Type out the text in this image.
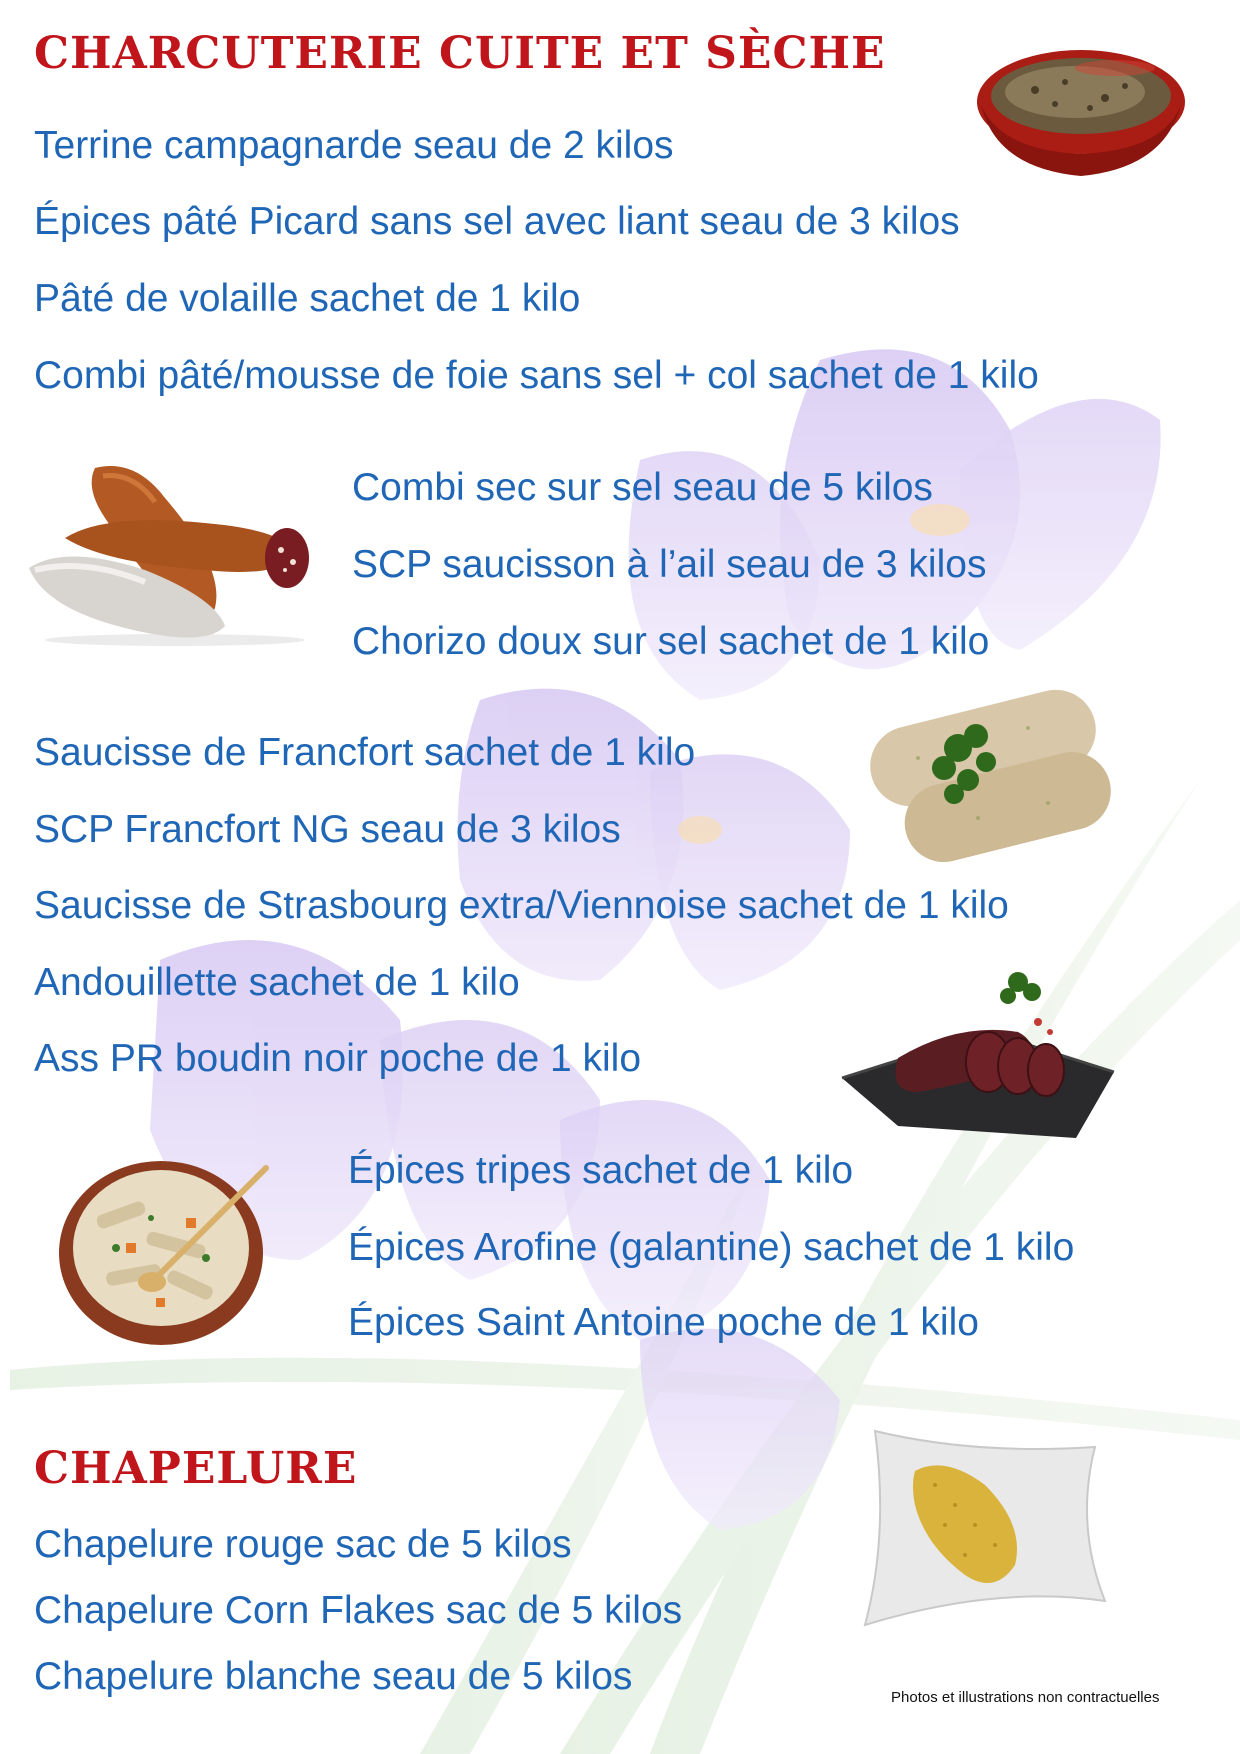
CHARCUTERIE CUITE ET SÈCHE

Terrine campagnarde seau de 2 kilos

Épices pâté Picard sans sel avec liant seau de 3 kilos

Pâté de volaille sachet de 1 kilo

Combi pâté/mousse de foie sans sel + col sachet de 1 kilo

Combi sec sur sel seau de 5 kilos

SCP saucisson à l’ail seau de 3 kilos

Chorizo doux sur sel sachet de 1 kilo

Saucisse de Francfort sachet de 1 kilo

SCP Francfort NG seau de 3 kilos

Saucisse de Strasbourg extra/Viennoise sachet de 1 kilo

Andouillette sachet de 1 kilo

Ass PR boudin noir poche de 1 kilo

Épices tripes sachet de 1 kilo

Épices Arofine (galantine) sachet de 1 kilo

Épices Saint Antoine poche de 1 kilo

CHAPELURE

Chapelure rouge sac de 5 kilos

Chapelure Corn Flakes sac de 5 kilos

Chapelure blanche seau de 5 kilos	Photos et illustrations non contractuelles
